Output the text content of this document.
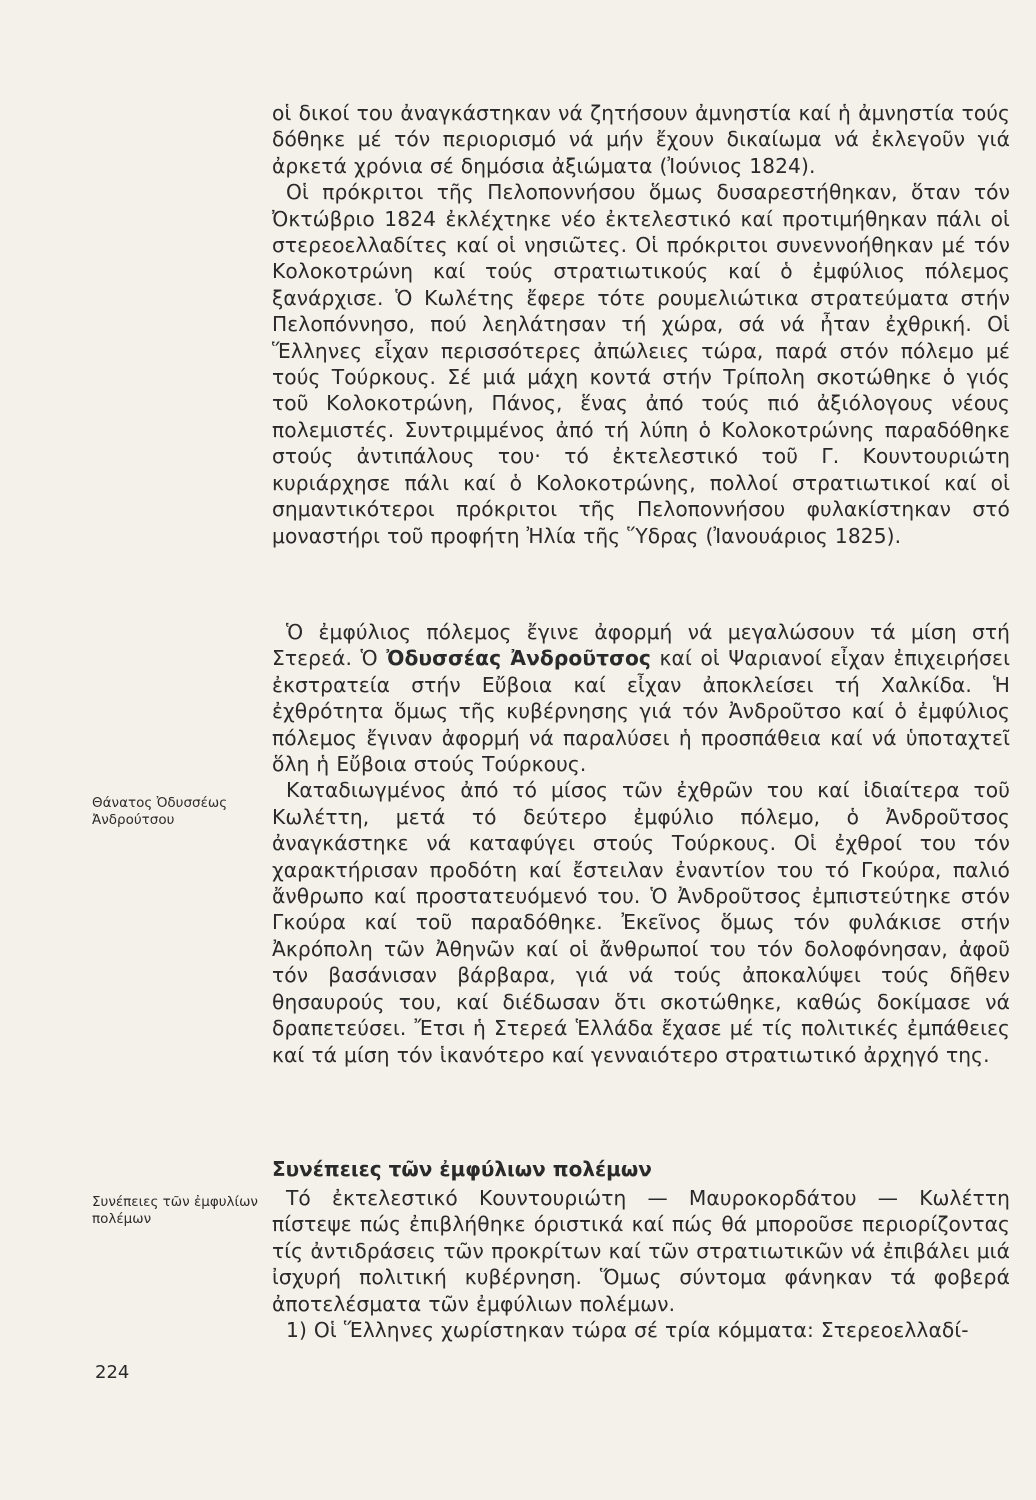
οἱ δικοί του ἀναγκάστηκαν νά ζητήσουν ἀμνηστία καί ἡ ἀμνηστία τούς δόθηκε μέ τόν περιορισμό νά μήν ἔχουν δικαίωμα νά ἐκλεγοῦν γιά ἀρκετά χρόνια σέ δημόσια ἀξιώματα (Ἰούνιος 1824).

Οἱ πρόκριτοι τῆς Πελοποννήσου ὅμως δυσαρεστήθηκαν, ὅταν τόν Ὀκτώβριο 1824 ἐκλέχτηκε νέο ἐκτελεστικό καί προτιμήθηκαν πάλι οἱ στερεοελλαδίτες καί οἱ νησιῶτες. Οἱ πρόκριτοι συνεννοήθηκαν μέ τόν Κολοκοτρώνη καί τούς στρατιωτικούς καί ὁ ἐμφύλιος πόλεμος ξανάρχισε. Ὁ Κωλέτης ἔφερε τότε ρουμελιώτικα στρατεύματα στήν Πελοπόννησο, πού λεηλάτησαν τή χώρα, σά νά ἦταν ἐχθρική. Οἱ Ἕλληνες εἶχαν περισσότερες ἀπώλειες τώρα, παρά στόν πόλεμο μέ τούς Τούρκους. Σέ μιά μάχη κοντά στήν Τρίπολη σκοτώθηκε ὁ γιός τοῦ Κολοκοτρώνη, Πάνος, ἕνας ἀπό τούς πιό ἀξιόλογους νέους πολεμιστές. Συντριμμένος ἀπό τή λύπη ὁ Κολοκοτρώνης παραδόθηκε στούς ἀντιπάλους του· τό ἐκτελεστικό τοῦ Γ. Κουντουριώτη κυριάρχησε πάλι καί ὁ Κολοκοτρώνης, πολλοί στρατιωτικοί καί οἱ σημαντικότεροι πρόκριτοι τῆς Πελοποννήσου φυλακίστηκαν στό μοναστήρι τοῦ προφήτη Ἠλία τῆς Ὕδρας (Ἰανουάριος 1825).

Ὁ ἐμφύλιος πόλεμος ἔγινε ἀφορμή νά μεγαλώσουν τά μίση στή Στερεά. Ὁ Ὀδυσσέας Ἀνδροῦτσος καί οἱ Ψαριανοί εἶχαν ἐπιχειρήσει ἐκστρατεία στήν Εὔβοια καί εἶχαν ἀποκλείσει τή Χαλκίδα. Ἡ ἐχθρότητα ὅμως τῆς κυβέρνησης γιά τόν Ἀνδροῦτσο καί ὁ ἐμφύλιος πόλεμος ἔγιναν ἀφορμή νά παραλύσει ἡ προσπάθεια καί νά ὑποταχτεῖ ὅλη ἡ Εὔβοια στούς Τούρκους.

Καταδιωγμένος ἀπό τό μίσος τῶν ἐχθρῶν του καί ἰδιαίτερα τοῦ Κωλέττη, μετά τό δεύτερο ἐμφύλιο πόλεμο, ὁ Ἀνδροῦτσος ἀναγκάστηκε νά καταφύγει στούς Τούρκους. Οἱ ἐχθροί του τόν χαρακτήρισαν προδότη καί ἔστειλαν ἐναντίον του τό Γκούρα, παλιό ἄνθρωπο καί προστατευόμενό του. Ὁ Ἀνδροῦτσος ἐμπιστεύτηκε στόν Γκούρα καί τοῦ παραδόθηκε. Ἐκεῖνος ὅμως τόν φυλάκισε στήν Ἀκρόπολη τῶν Ἀθηνῶν καί οἱ ἄνθρωποί του τόν δολοφόνησαν, ἀφοῦ τόν βασάνισαν βάρβαρα, γιά νά τούς ἀποκαλύψει τούς δῆθεν θησαυρούς του, καί διέδωσαν ὅτι σκοτώθηκε, καθώς δοκίμασε νά δραπετεύσει. Ἔτσι ἡ Στερεά Ἑλλάδα ἔχασε μέ τίς πολιτικές ἐμπάθειες καί τά μίση τόν ἱκανότερο καί γενναιότερο στρατιωτικό ἀρχηγό της.

Συνέπειες τῶν ἐμφύλιων πολέμων

Τό ἐκτελεστικό Κουντουριώτη — Μαυροκορδάτου — Κωλέττη πίστεψε πώς ἐπιβλήθηκε όριστικά καί πώς θά μποροῦσε περιορίζοντας τίς ἀντιδράσεις τῶν προκρίτων καί τῶν στρατιωτικῶν νά ἐπιβάλει μιά ἰσχυρή πολιτική κυβέρνηση. Ὅμως σύντομα φάνηκαν τά φοβερά ἀποτελέσματα τῶν ἐμφύλιων πολέμων.

1) Οἱ Ἕλληνες χωρίστηκαν τώρα σέ τρία κόμματα: Στερεοελλαδί-

Θάνατος Ὀδυσσέως Ἀνδρούτσου

Συνέπειες τῶν ἐμφυλίων πολέμων

224
